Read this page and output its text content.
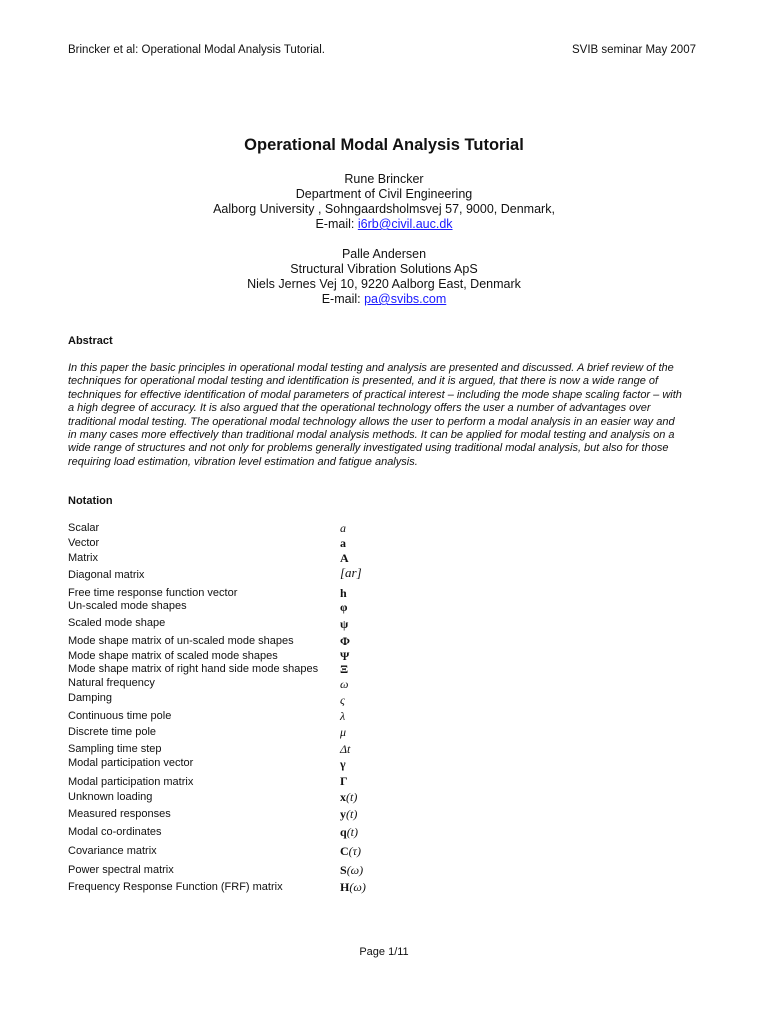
Brincker et al: Operational Modal Analysis Tutorial.	SVIB seminar May 2007
Operational Modal Analysis Tutorial
Rune Brincker
Department of Civil Engineering
Aalborg University , Sohngaardsholmsvej 57, 9000, Denmark,
E-mail: i6rb@civil.auc.dk
Palle Andersen
Structural Vibration Solutions ApS
Niels Jernes Vej 10, 9220 Aalborg East, Denmark
E-mail: pa@svibs.com
Abstract
In this paper the basic principles in operational modal testing and analysis are presented and discussed. A brief review of the
techniques for operational modal testing and identification is presented, and it is argued, that there is now a wide range of
techniques for effective identification of modal parameters of practical interest – including the mode shape scaling factor – with
a high degree of accuracy. It is also argued that the operational technology offers the user a number of advantages over
traditional modal testing. The operational modal technology allows the user to perform a modal analysis in an easier way and
in many cases more effectively than traditional modal analysis methods. It can be applied for modal testing and analysis on a
wide range of structures and not only for problems generally investigated using traditional modal analysis, but also for those
requiring load estimation, vibration level estimation and fatigue analysis.
Notation
Scalar	a
Vector	a
Matrix	A
Diagonal matrix	[ar]
Free time response function vector	h
Un-scaled mode shapes	φ
Scaled mode shape	ψ
Mode shape matrix of un-scaled mode shapes	Φ
Mode shape matrix of scaled mode shapes	Ψ
Mode shape matrix of right hand side mode shapes Ξ
Natural frequency	ω
Damping	ς
Continuous time pole	λ
Discrete time pole	μ
Sampling time step	Δt
Modal participation vector	γ
Modal participation matrix	Γ
Unknown loading	x(t)
Measured responses	y(t)
Modal co-ordinates	q(t)
Covariance matrix	C(τ)
Power spectral matrix	S(ω)
Frequency Response Function (FRF) matrix	H(ω)
Page 1/11
